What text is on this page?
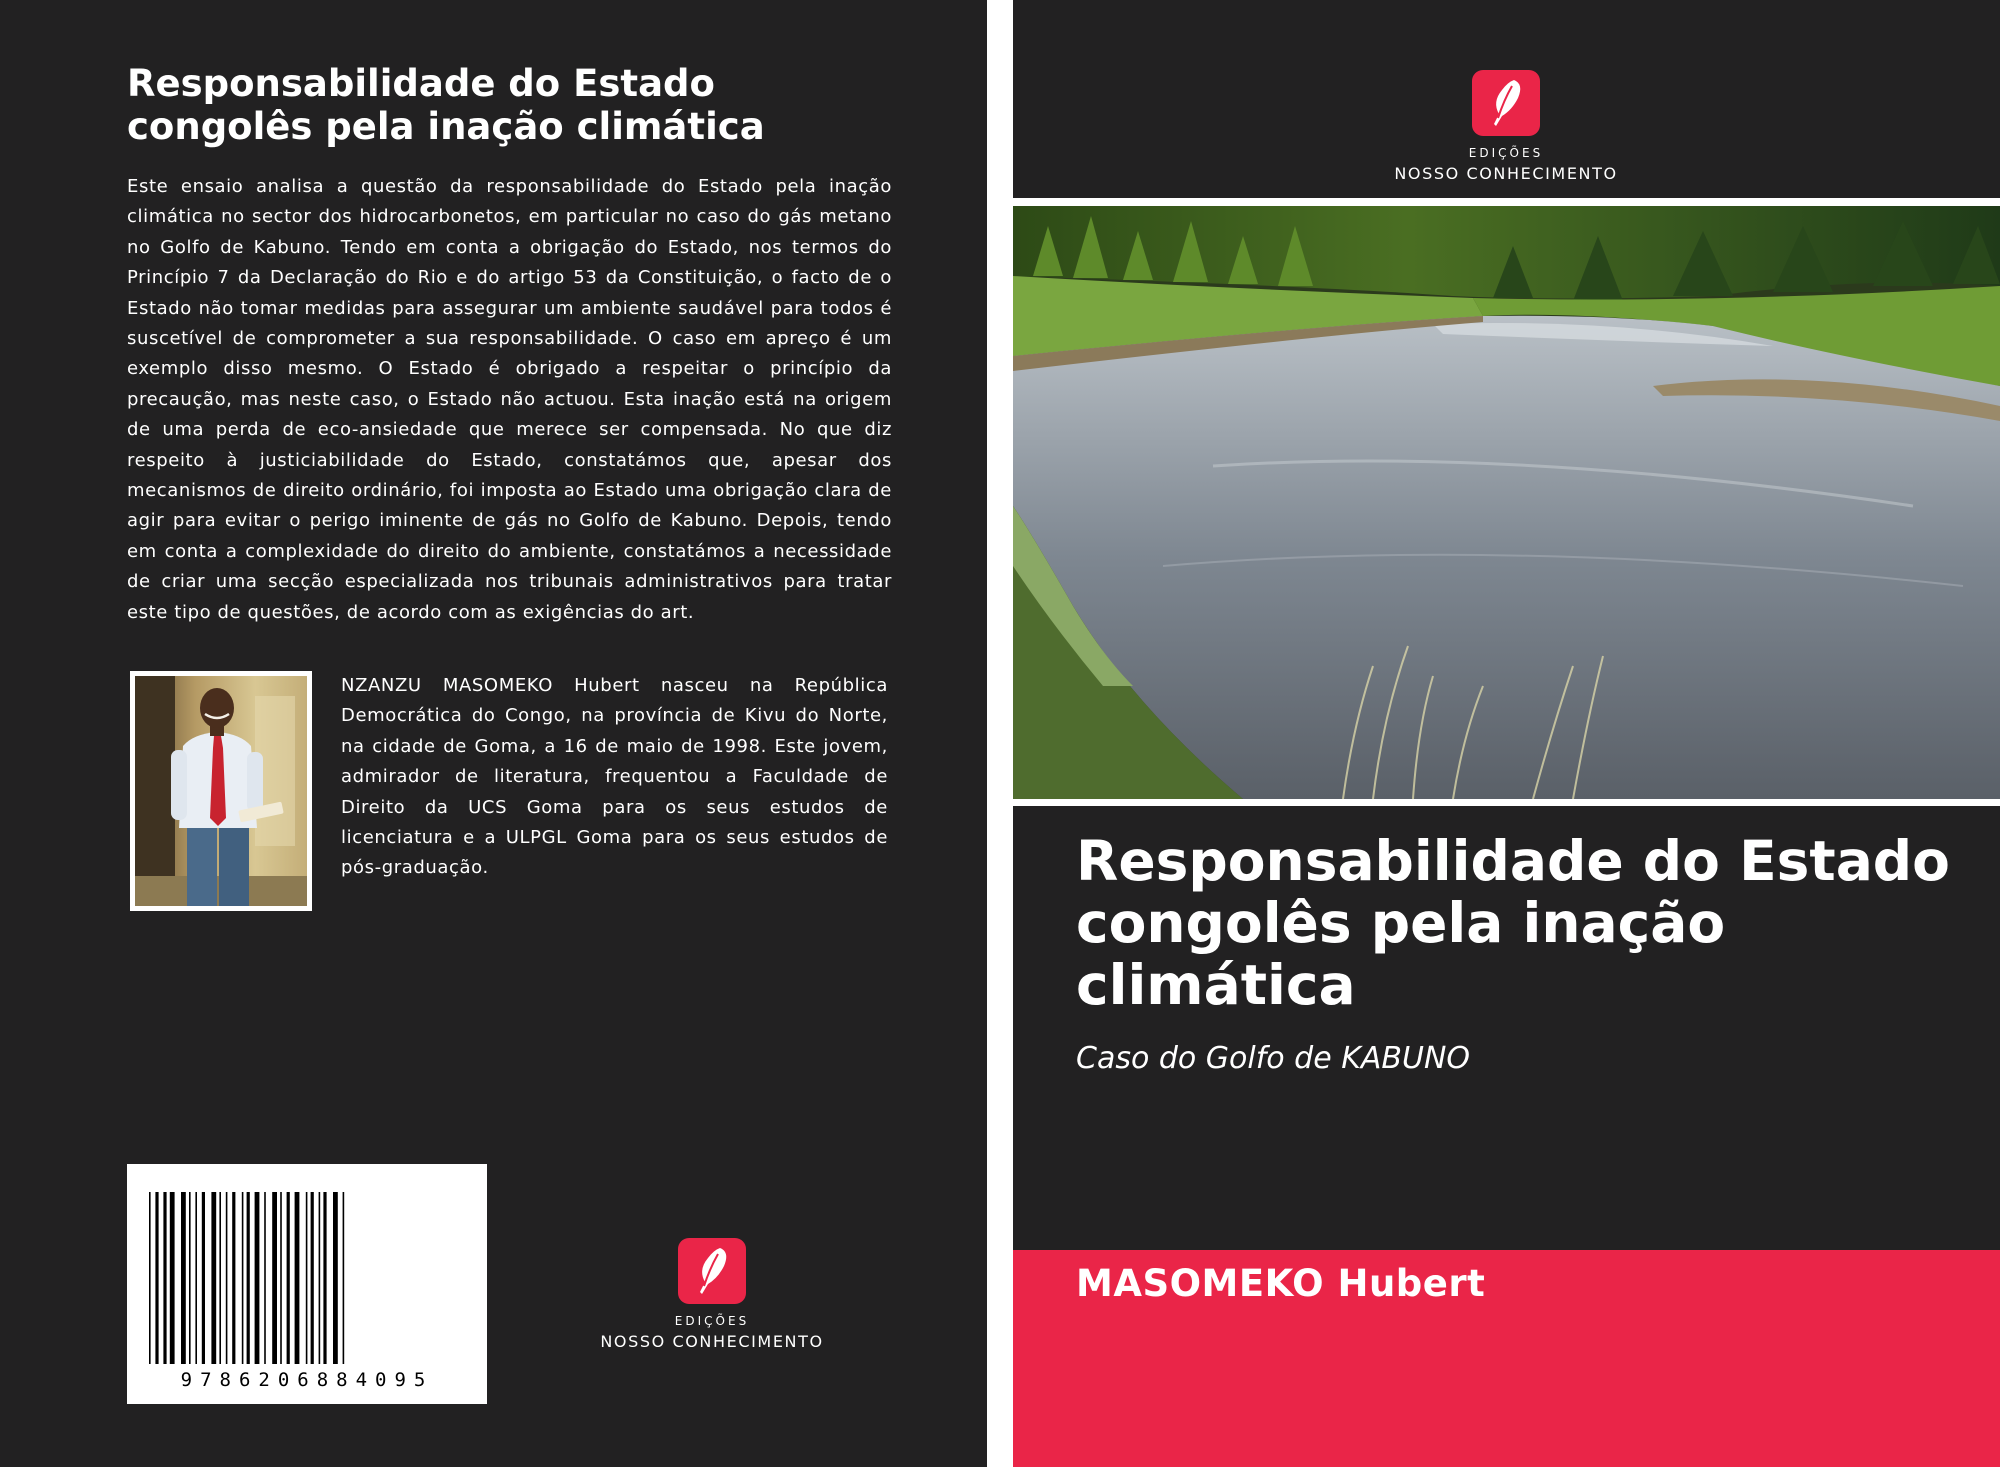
Responsabilidade do Estado congolês pela inação climática

Este ensaio analisa a questão da responsabilidade do Estado pela inação climática no sector dos hidrocarbonetos, em particular no caso do gás metano no Golfo de Kabuno. Tendo em conta a obrigação do Estado, nos termos do Princípio 7 da Declaração do Rio e do artigo 53 da Constituição, o facto de o Estado não tomar medidas para assegurar um ambiente saudável para todos é suscetível de comprometer a sua responsabilidade. O caso em apreço é um exemplo disso mesmo. O Estado é obrigado a respeitar o princípio da precaução, mas neste caso, o Estado não actuou. Esta inação está na origem de uma perda de eco-ansiedade que merece ser compensada. No que diz respeito à justiciabilidade do Estado, constatámos que, apesar dos mecanismos de direito ordinário, foi imposta ao Estado uma obrigação clara de agir para evitar o perigo iminente de gás no Golfo de Kabuno. Depois, tendo em conta a complexidade do direito do ambiente, constatámos a necessidade de criar uma secção especializada nos tribunais administrativos para tratar este tipo de questões, de acordo com as exigências do art.

NZANZU MASOMEKO Hubert nasceu na República Democrática do Congo, na província de Kivu do Norte, na cidade de Goma, a 16 de maio de 1998. Este jovem, admirador de literatura, frequentou a Faculdade de Direito da UCS Goma para os seus estudos de licenciatura e a ULPGL Goma para os seus estudos de pós-graduação.

9786206884095
EDIÇÕES
NOSSO CONHECIMENTO
EDIÇÕES
NOSSO CONHECIMENTO
Responsabilidade do Estado congolês pela inação climática
Caso do Golfo de KABUNO
MASOMEKO Hubert
